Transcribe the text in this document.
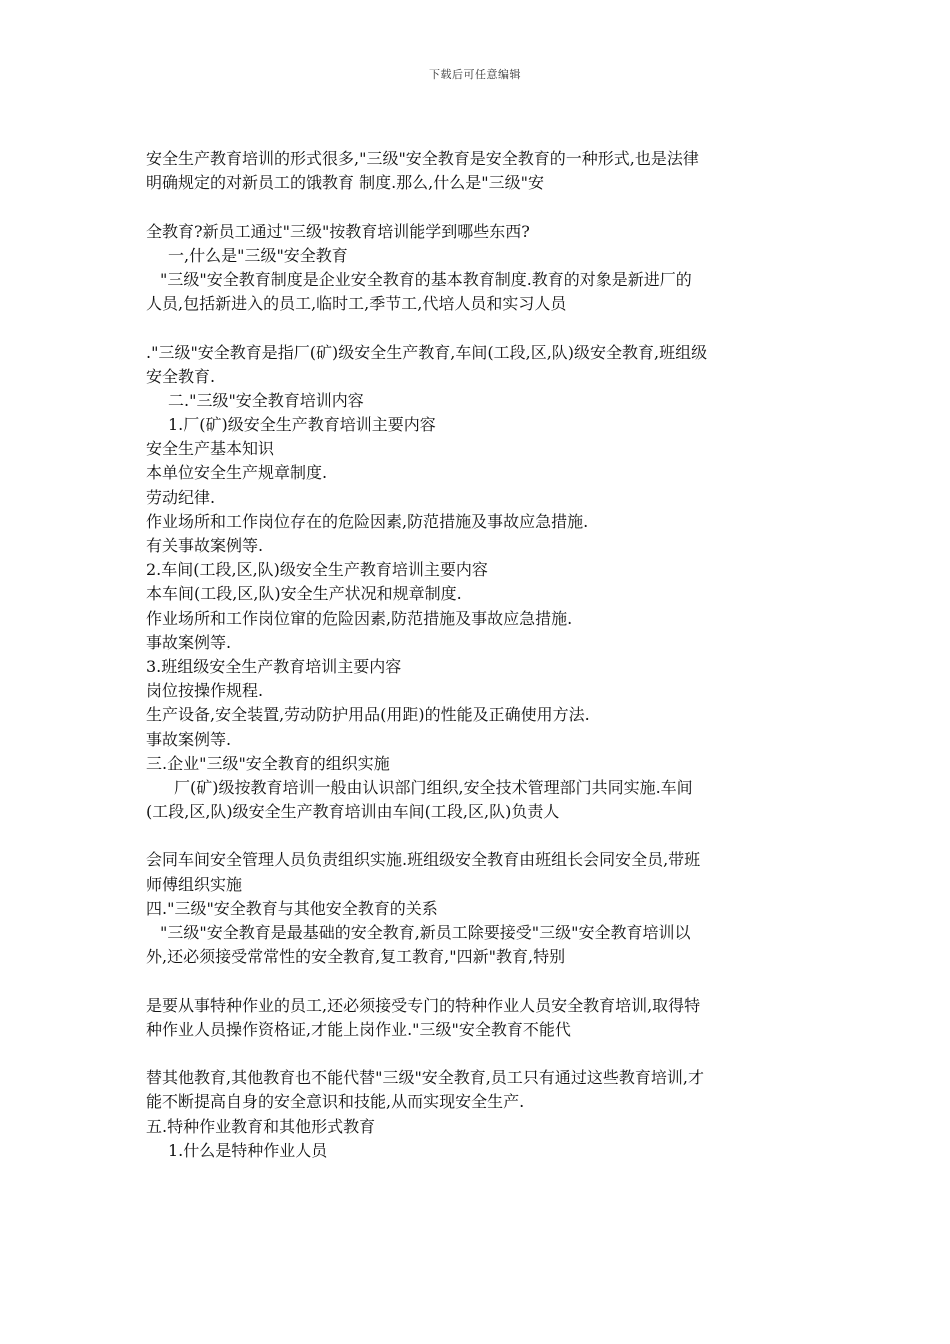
下载后可任意编辑
安全生产教育培训的形式很多,"三级"安全教育是安全教育的一种形式,也是法律
明确规定的对新员工的饿教育 制度.那么,什么是"三级"安
全教育?新员工通过"三级"按教育培训能学到哪些东西?
一,什么是"三级"安全教育
"三级"安全教育制度是企业安全教育的基本教育制度.教育的对象是新进厂的
人员,包括新进入的员工,临时工,季节工,代培人员和实习人员
."三级"安全教育是指厂(矿)级安全生产教育,车间(工段,区,队)级安全教育,班组级
安全教育.
二."三级"安全教育培训内容
1.厂(矿)级安全生产教育培训主要内容
安全生产基本知识
本单位安全生产规章制度.
劳动纪律.
作业场所和工作岗位存在的危险因素,防范措施及事故应急措施.
有关事故案例等.
2.车间(工段,区,队)级安全生产教育培训主要内容
本车间(工段,区,队)安全生产状况和规章制度.
作业场所和工作岗位窜的危险因素,防范措施及事故应急措施.
事故案例等.
3.班组级安全生产教育培训主要内容
岗位按操作规程.
生产设备,安全装置,劳动防护用品(用距)的性能及正确使用方法.
事故案例等.
三.企业"三级"安全教育的组织实施
厂(矿)级按教育培训一般由认识部门组织,安全技术管理部门共同实施.车间
(工段,区,队)级安全生产教育培训由车间(工段,区,队)负责人
会同车间安全管理人员负责组织实施.班组级安全教育由班组长会同安全员,带班
师傅组织实施
四."三级"安全教育与其他安全教育的关系
"三级"安全教育是最基础的安全教育,新员工除要接受"三级"安全教育培训以
外,还必须接受常常性的安全教育,复工教育,"四新"教育,特别
是要从事特种作业的员工,还必须接受专门的特种作业人员安全教育培训,取得特
种作业人员操作资格证,才能上岗作业."三级"安全教育不能代
替其他教育,其他教育也不能代替"三级"安全教育,员工只有通过这些教育培训,才
能不断提高自身的安全意识和技能,从而实现安全生产.
五.特种作业教育和其他形式教育
1.什么是特种作业人员
